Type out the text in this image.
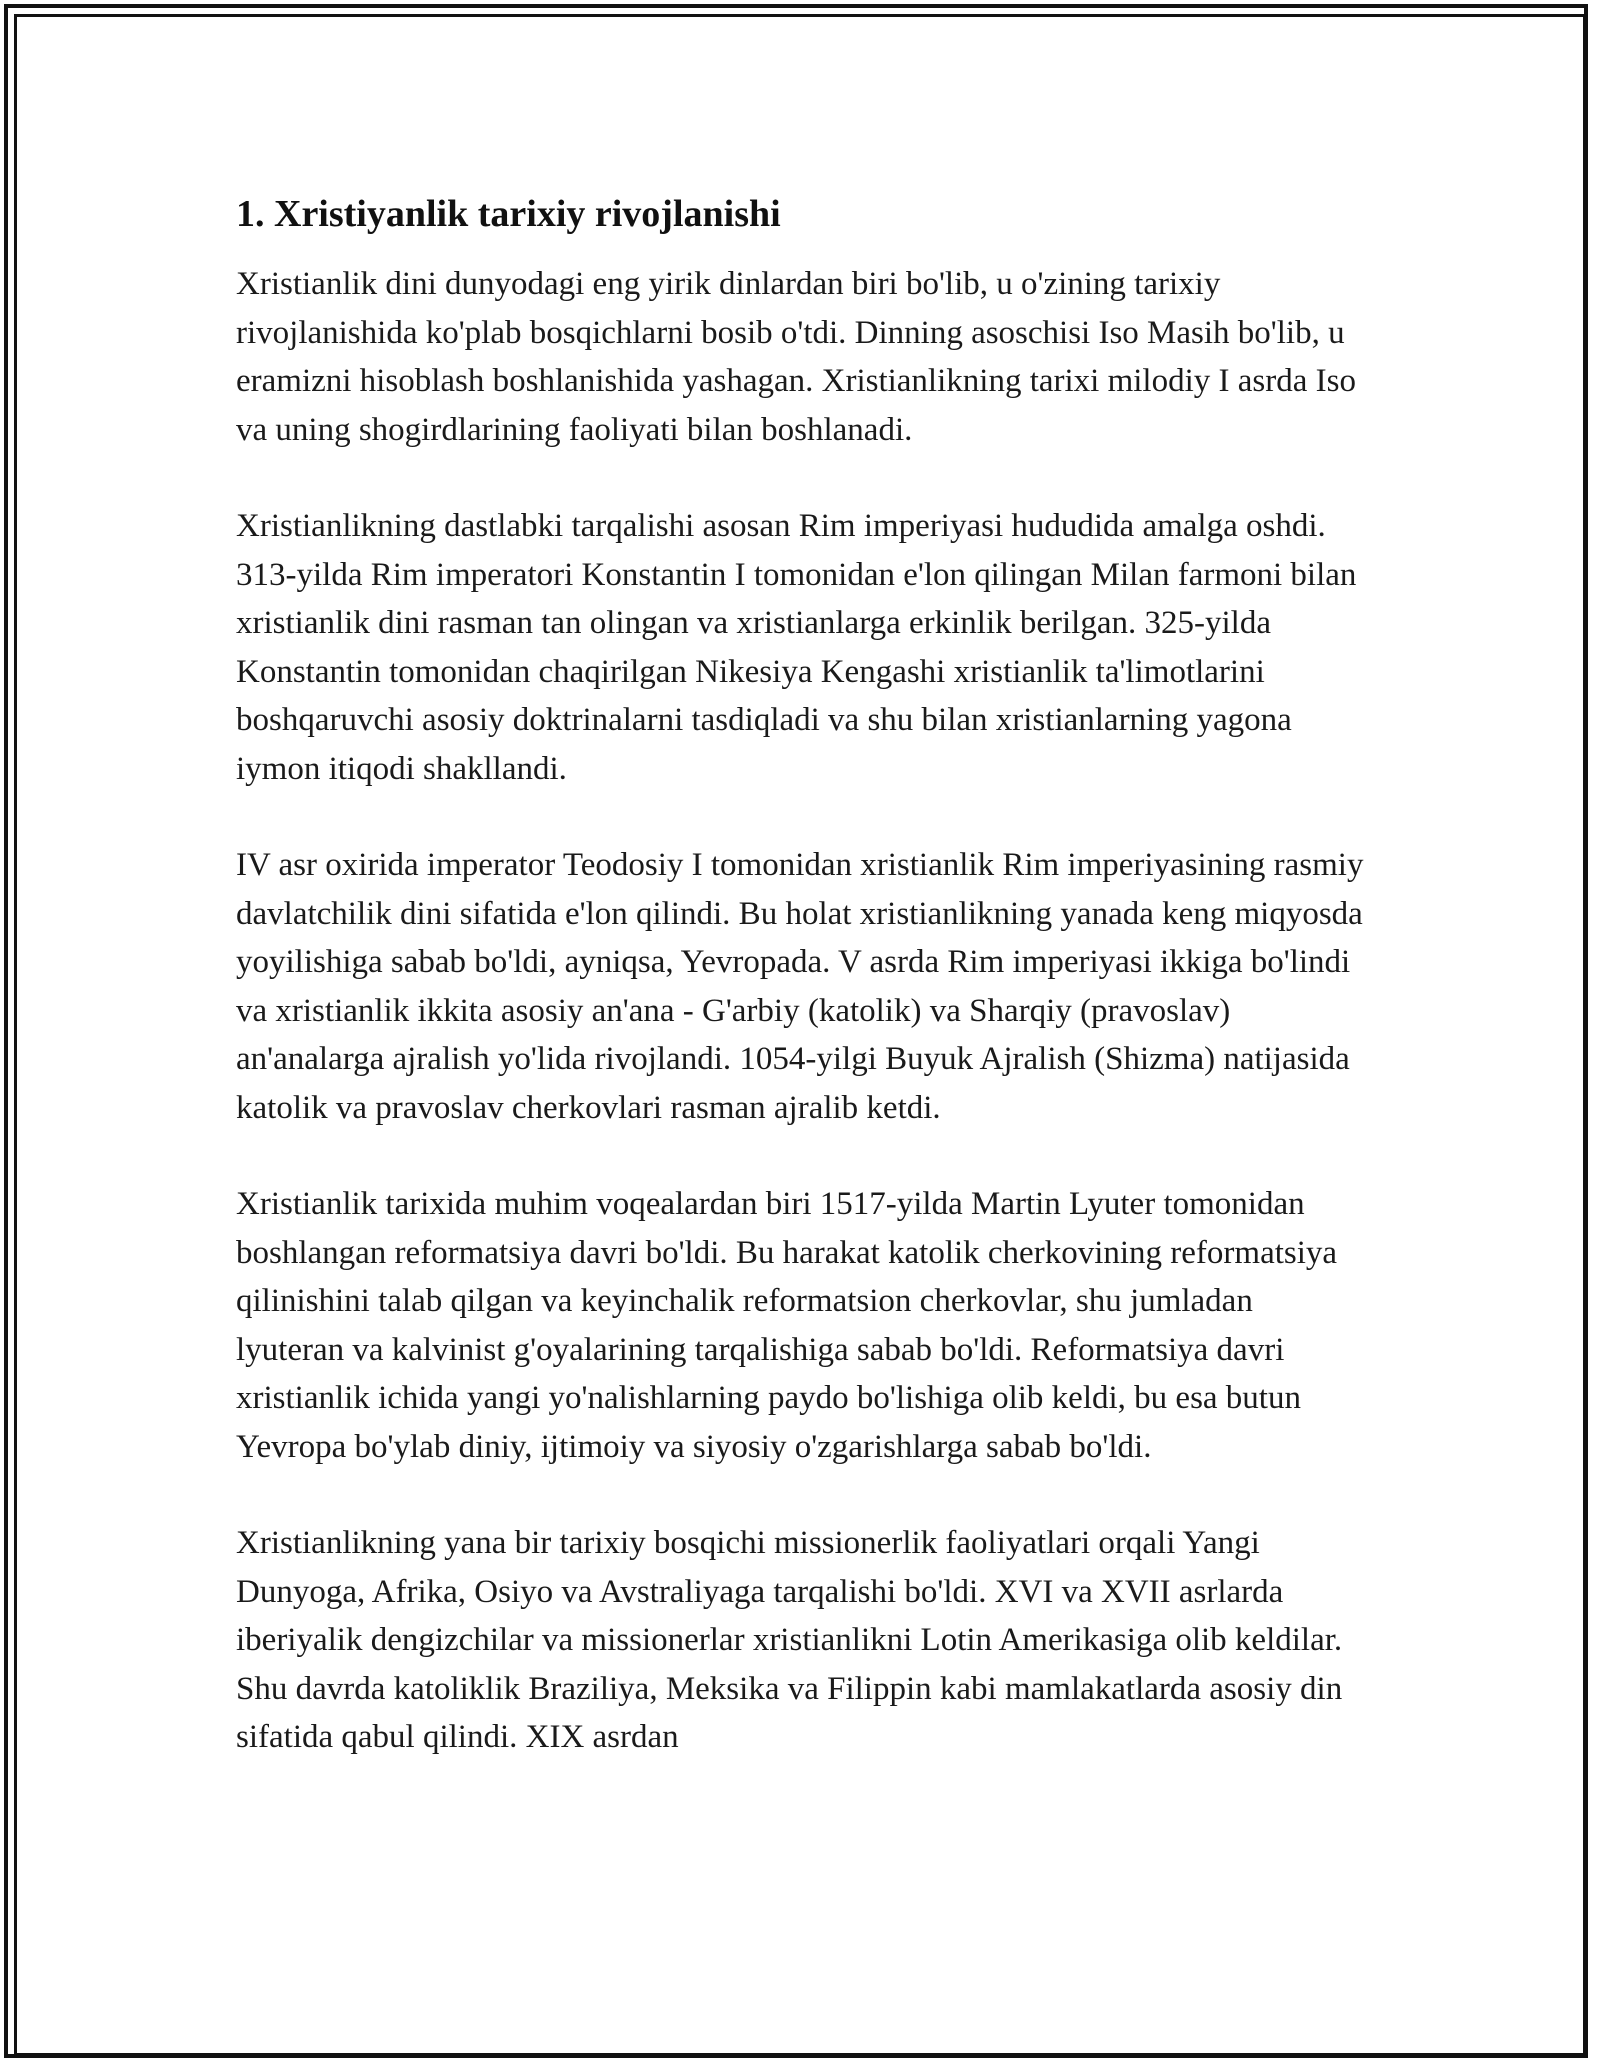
1. Xristiyanlik tarixiy rivojlanishi

Xristianlik dini dunyodagi eng yirik dinlardan biri bo'lib, u o'zining tarixiy rivojlanishida ko'plab bosqichlarni bosib o'tdi. Dinning asoschisi Iso Masih bo'lib, u eramizni hisoblash boshlanishida yashagan. Xristianlikning tarixi milodiy I asrda Iso va uning shogirdlarining faoliyati bilan boshlanadi.

Xristianlikning dastlabki tarqalishi asosan Rim imperiyasi hududida amalga oshdi. 313-yilda Rim imperatori Konstantin I tomonidan e'lon qilingan Milan farmoni bilan xristianlik dini rasman tan olingan va xristianlarga erkinlik berilgan. 325-yilda Konstantin tomonidan chaqirilgan Nikesiya Kengashi xristianlik ta'limotlarini boshqaruvchi asosiy doktrinalarni tasdiqladi va shu bilan xristianlarning yagona iymon itiqodi shakllandi.

IV asr oxirida imperator Teodosiy I tomonidan xristianlik Rim imperiyasining rasmiy davlatchilik dini sifatida e'lon qilindi. Bu holat xristianlikning yanada keng miqyosda yoyilishiga sabab bo'ldi, ayniqsa, Yevropada. V asrda Rim imperiyasi ikkiga bo'lindi va xristianlik ikkita asosiy an'ana - G'arbiy (katolik) va Sharqiy (pravoslav) an'analarga ajralish yo'lida rivojlandi. 1054-yilgi Buyuk Ajralish (Shizma) natijasida katolik va pravoslav cherkovlari rasman ajralib ketdi.

Xristianlik tarixida muhim voqealardan biri 1517-yilda Martin Lyuter tomonidan boshlangan reformatsiya davri bo'ldi. Bu harakat katolik cherkovining reformatsiya qilinishini talab qilgan va keyinchalik reformatsion cherkovlar, shu jumladan lyuteran va kalvinist g'oyalarining tarqalishiga sabab bo'ldi. Reformatsiya davri xristianlik ichida yangi yo'nalishlarning paydo bo'lishiga olib keldi, bu esa butun Yevropa bo'ylab diniy, ijtimoiy va siyosiy o'zgarishlarga sabab bo'ldi.

Xristianlikning yana bir tarixiy bosqichi missionerlik faoliyatlari orqali Yangi Dunyoga, Afrika, Osiyo va Avstraliyaga tarqalishi bo'ldi. XVI va XVII asrlarda iberiyalik dengizchilar va missionerlar xristianlikni Lotin Amerikasiga olib keldilar. Shu davrda katoliklik Braziliya, Meksika va Filippin kabi mamlakatlarda asosiy din sifatida qabul qilindi. XIX asrdan
